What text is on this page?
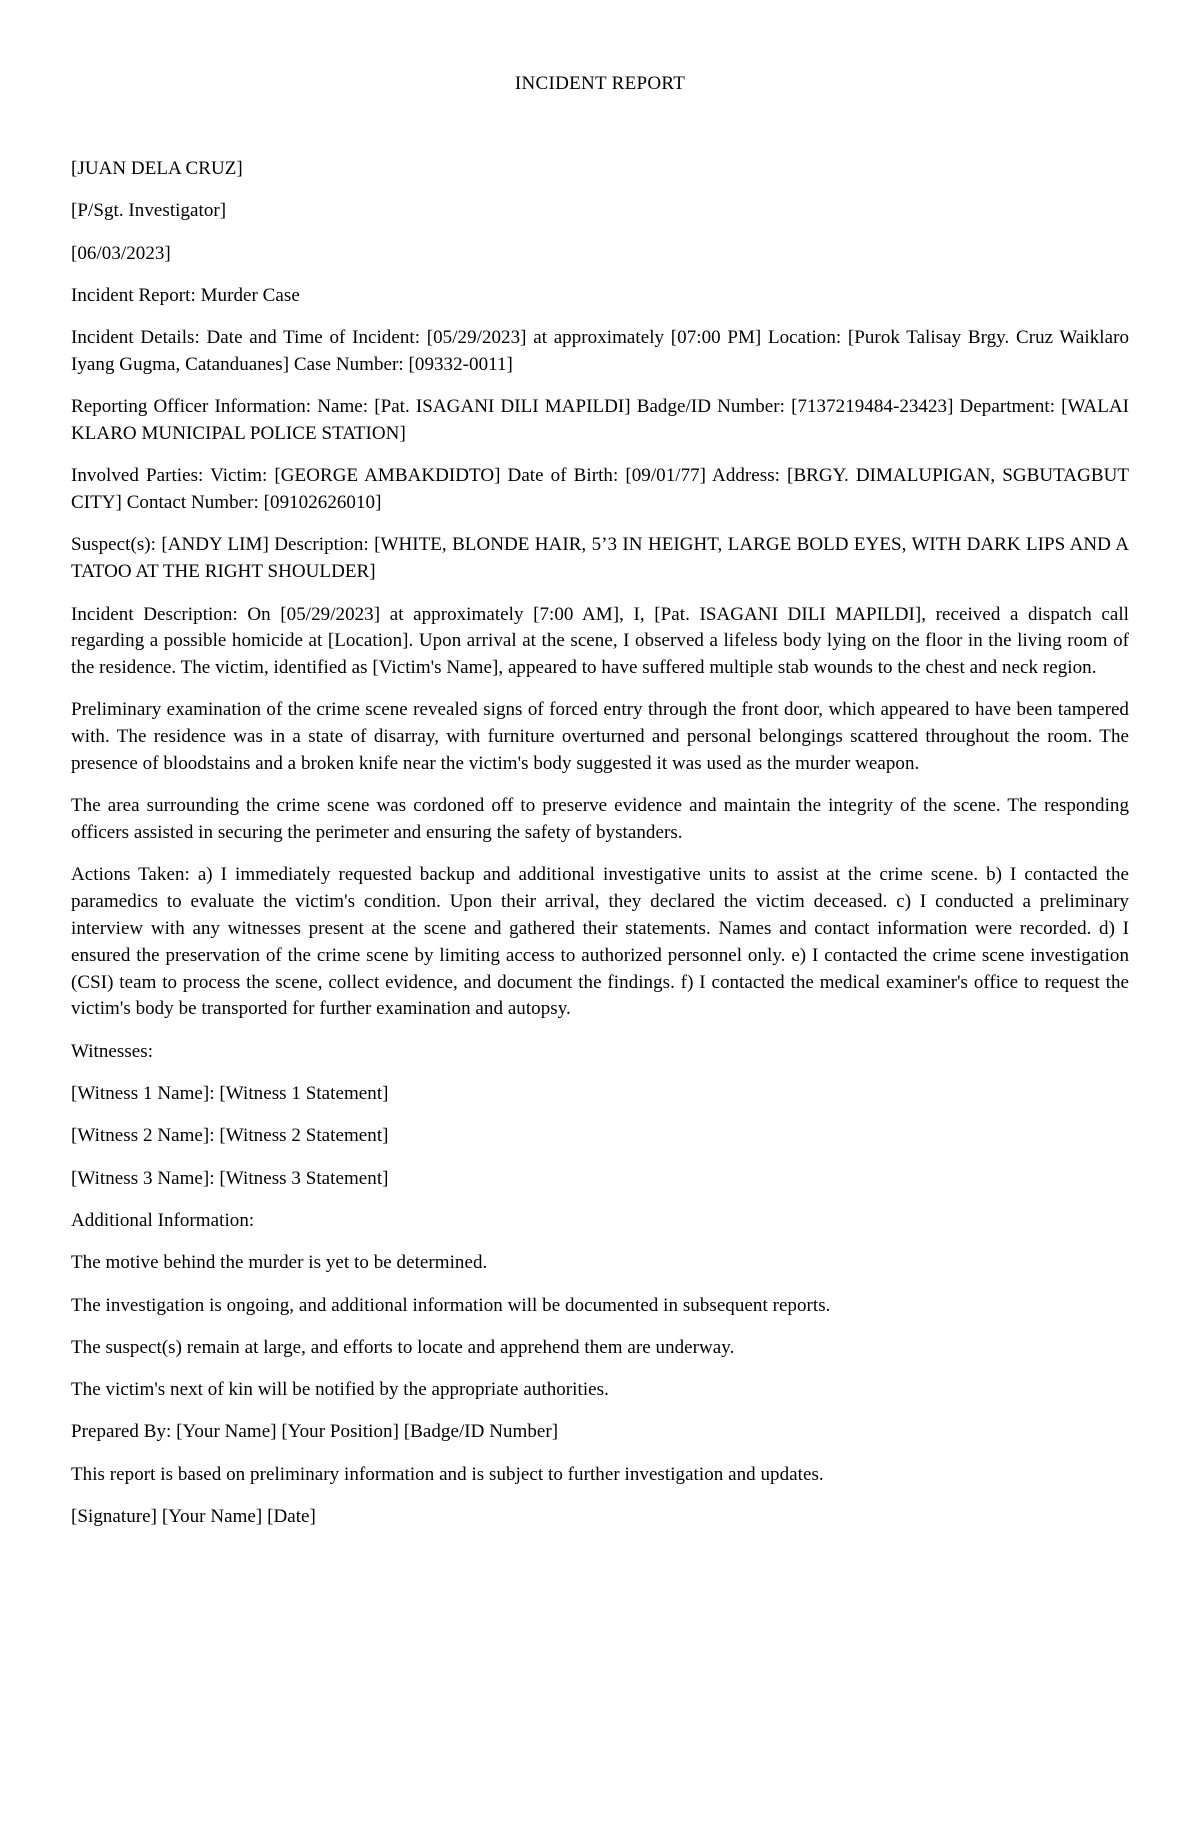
INCIDENT REPORT

[JUAN DELA CRUZ]

[P/Sgt. Investigator]

[06/03/2023]

Incident Report: Murder Case

Incident Details: Date and Time of Incident: [05/29/2023] at approximately [07:00 PM] Location: [Purok Talisay Brgy. Cruz Waiklaro Iyang Gugma, Catanduanes] Case Number: [09332-0011]

Reporting Officer Information: Name: [Pat. ISAGANI DILI MAPILDI] Badge/ID Number: [7137219484-23423] Department: [WALAI KLARO MUNICIPAL POLICE STATION]

Involved Parties: Victim: [GEORGE AMBAKDIDTO] Date of Birth: [09/01/77] Address: [BRGY. DIMALUPIGAN, SGBUTAGBUT CITY] Contact Number: [09102626010]

Suspect(s): [ANDY LIM] Description: [WHITE, BLONDE HAIR, 5’3 IN HEIGHT, LARGE BOLD EYES, WITH DARK LIPS AND A TATOO AT THE RIGHT SHOULDER]

Incident Description: On [05/29/2023] at approximately [7:00 AM], I, [Pat. ISAGANI DILI MAPILDI], received a dispatch call regarding a possible homicide at [Location]. Upon arrival at the scene, I observed a lifeless body lying on the floor in the living room of the residence. The victim, identified as [Victim's Name], appeared to have suffered multiple stab wounds to the chest and neck region.

Preliminary examination of the crime scene revealed signs of forced entry through the front door, which appeared to have been tampered with. The residence was in a state of disarray, with furniture overturned and personal belongings scattered throughout the room. The presence of bloodstains and a broken knife near the victim's body suggested it was used as the murder weapon.

The area surrounding the crime scene was cordoned off to preserve evidence and maintain the integrity of the scene. The responding officers assisted in securing the perimeter and ensuring the safety of bystanders.

Actions Taken: a) I immediately requested backup and additional investigative units to assist at the crime scene. b) I contacted the paramedics to evaluate the victim's condition. Upon their arrival, they declared the victim deceased. c) I conducted a preliminary interview with any witnesses present at the scene and gathered their statements. Names and contact information were recorded. d) I ensured the preservation of the crime scene by limiting access to authorized personnel only. e) I contacted the crime scene investigation (CSI) team to process the scene, collect evidence, and document the findings. f) I contacted the medical examiner's office to request the victim's body be transported for further examination and autopsy.

Witnesses:

[Witness 1 Name]: [Witness 1 Statement]

[Witness 2 Name]: [Witness 2 Statement]

[Witness 3 Name]: [Witness 3 Statement]

Additional Information:

The motive behind the murder is yet to be determined.

The investigation is ongoing, and additional information will be documented in subsequent reports.

The suspect(s) remain at large, and efforts to locate and apprehend them are underway.

The victim's next of kin will be notified by the appropriate authorities.

Prepared By: [Your Name] [Your Position] [Badge/ID Number]

This report is based on preliminary information and is subject to further investigation and updates.

[Signature] [Your Name] [Date]
